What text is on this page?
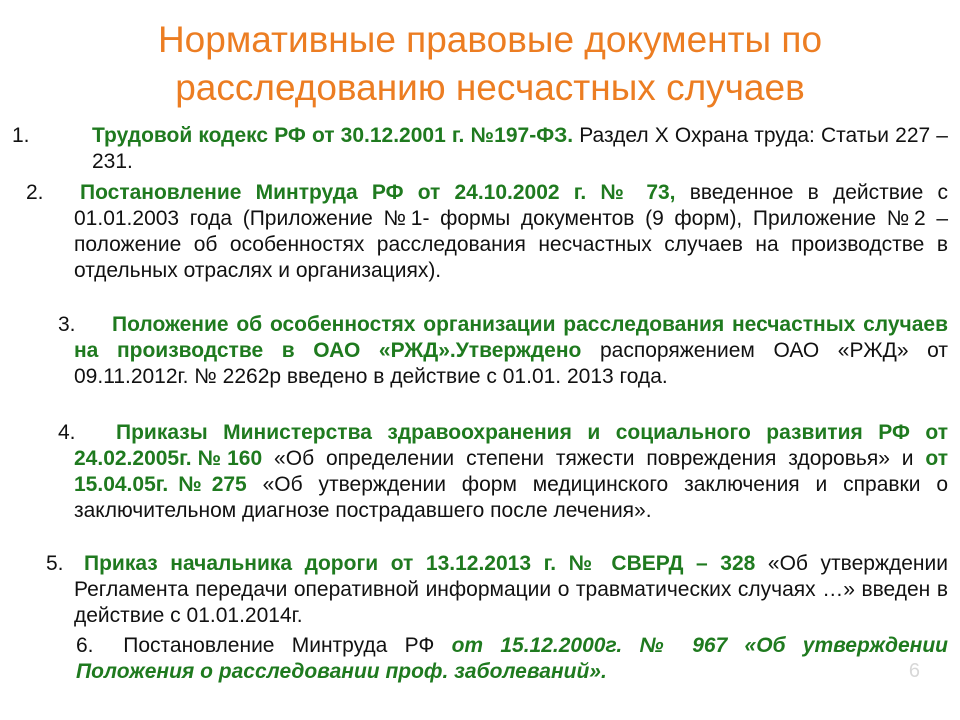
Нормативные правовые документы по
расследованию несчастных случаев

1.	Трудовой кодекс РФ от 30.12.2001 г. №197-ФЗ. Раздел X Охрана труда: Статьи 227 – 231.

2. Постановление Минтруда РФ от 24.10.2002 г. № 73, введенное в действие с 01.01.2003 года (Приложение №1- формы документов (9 форм), Приложение №2 – положение об особенностях расследования несчастных случаев на производстве в отдельных отраслях и организациях).

3. Положение об особенностях организации расследования несчастных случаев на производстве в ОАО «РЖД».Утверждено распоряжением ОАО «РЖД» от 09.11.2012г. № 2262р введено в действие с 01.01. 2013 года.

4. Приказы Министерства здравоохранения и социального развития РФ от 24.02.2005г.№160 «Об определении степени тяжести повреждения здоровья» и от 15.04.05г.№275 «Об утверждении форм медицинского заключения и справки о заключительном диагнозе пострадавшего после лечения».

5. Приказ начальника дороги от 13.12.2013 г. № СВЕРД – 328 «Об утверждении Регламента передачи оперативной информации о травматических случаях …» введен в действие с 01.01.2014г.

6. Постановление Минтруда РФ от 15.12.2000г. № 967 «Об утверждении Положения о расследовании проф. заболеваний».	6
